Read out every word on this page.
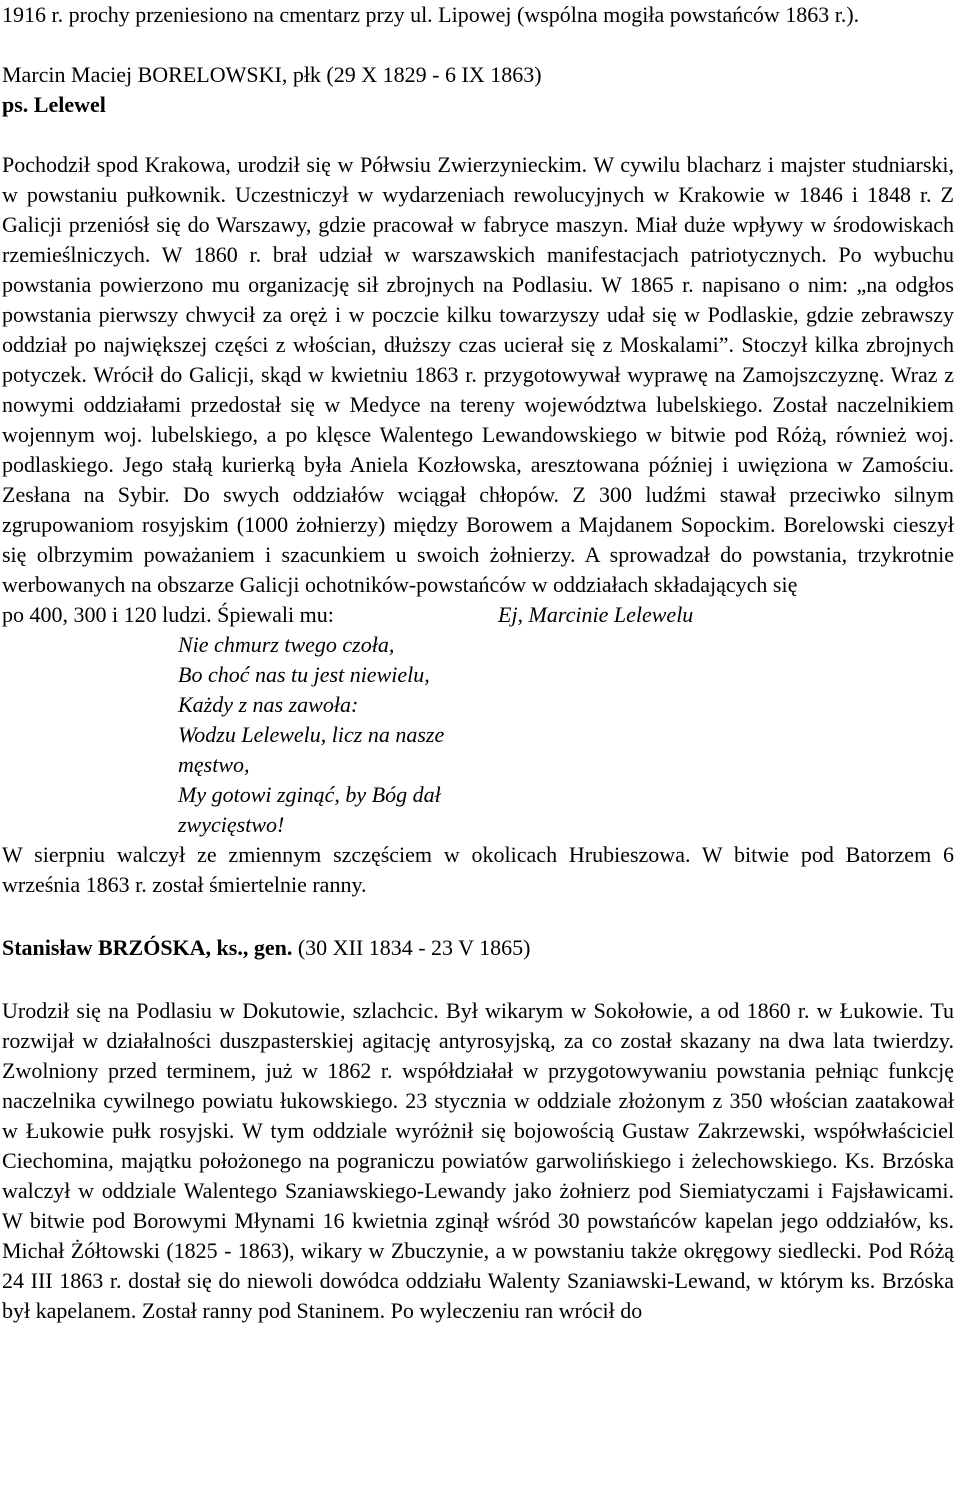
1916 r. prochy przeniesiono na cmentarz przy ul. Lipowej (wspólna mogiła powstańców 1863 r.).

Marcin Maciej BORELOWSKI, płk (29 X 1829 - 6 IX 1863)

ps. Lelewel

Pochodził spod Krakowa, urodził się w Półwsiu Zwierzynieckim. W cywilu blacharz i majster studniarski, w powstaniu pułkownik. Uczestniczył w wydarzeniach rewolucyjnych w Krakowie w 1846 i 1848 r. Z Galicji przeniósł się do Warszawy, gdzie pracował w fabryce maszyn. Miał duże wpływy w środowiskach rzemieślniczych. W 1860 r. brał udział w warszawskich manifestacjach patriotycznych. Po wybuchu powstania powierzono mu organizację sił zbrojnych na Podlasiu. W 1865 r. napisano o nim: „na odgłos powstania pierwszy chwycił za oręż i w poczcie kilku towarzyszy udał się w Podlaskie, gdzie zebrawszy oddział po największej części z włościan, dłuższy czas ucierał się z Moskalami”. Stoczył kilka zbrojnych potyczek. Wrócił do Galicji, skąd w kwietniu 1863 r. przygotowywał wyprawę na Zamojszczyznę. Wraz z nowymi oddziałami przedostał się w Medyce na tereny województwa lubelskiego. Został naczelnikiem wojennym woj. lubelskiego, a po klęsce Walentego Lewandowskiego w bitwie pod Różą, również woj. podlaskiego. Jego stałą kurierką była Aniela Kozłowska, aresztowana później i uwięziona w Zamościu. Zesłana na Sybir. Do swych oddziałów wciągał chłopów. Z 300 ludźmi stawał przeciwko silnym zgrupowaniom rosyjskim (1000 żołnierzy) między Borowem a Majdanem Sopockim. Borelowski cieszył się olbrzymim poważaniem i szacunkiem u swoich żołnierzy. A sprowadzał do powstania, trzykrotnie werbowanych na obszarze Galicji ochotników-powstańców w oddziałach składających się

po 400, 300 i 120 ludzi. Śpiewali mu:	Ej, Marcinie Lelewelu

Nie chmurz twego czoła,
Bo choć nas tu jest niewielu,
Każdy z nas zawoła:
Wodzu Lelewelu, licz na nasze
męstwo,
My gotowi zginąć, by Bóg dał
zwycięstwo!

W sierpniu walczył ze zmiennym szczęściem w okolicach Hrubieszowa. W bitwie pod Batorzem 6 września 1863 r. został śmiertelnie ranny.

Stanisław BRZÓSKA, ks., gen. (30 XII 1834 - 23 V 1865)

Urodził się na Podlasiu w Dokutowie, szlachcic. Był wikarym w Sokołowie, a od 1860 r. w Łukowie. Tu rozwijał w działalności duszpasterskiej agitację antyrosyjską, za co został skazany na dwa lata twierdzy. Zwolniony przed terminem, już w 1862 r. współdziałał w przygotowywaniu powstania pełniąc funkcję naczelnika cywilnego powiatu łukowskiego. 23 stycznia w oddziale złożonym z 350 włościan zaatakował w Łukowie pułk rosyjski. W tym oddziale wyróżnił się bojowością Gustaw Zakrzewski, współwłaściciel Ciechomina, majątku położonego na pograniczu powiatów garwolińskiego i żelechowskiego. Ks. Brzóska walczył w oddziale Walentego Szaniawskiego-Lewandy jako żołnierz pod Siemiatyczami i Fajsławicami. W bitwie pod Borowymi Młynami 16 kwietnia zginął wśród 30 powstańców kapelan jego oddziałów, ks. Michał Żółtowski (1825 - 1863), wikary w Zbuczynie, a w powstaniu także okręgowy siedlecki. Pod Różą 24 III 1863 r. dostał się do niewoli dowódca oddziału Walenty Szaniawski-Lewand, w którym ks. Brzóska był kapelanem. Został ranny pod Staninem. Po wyleczeniu ran wrócił do
